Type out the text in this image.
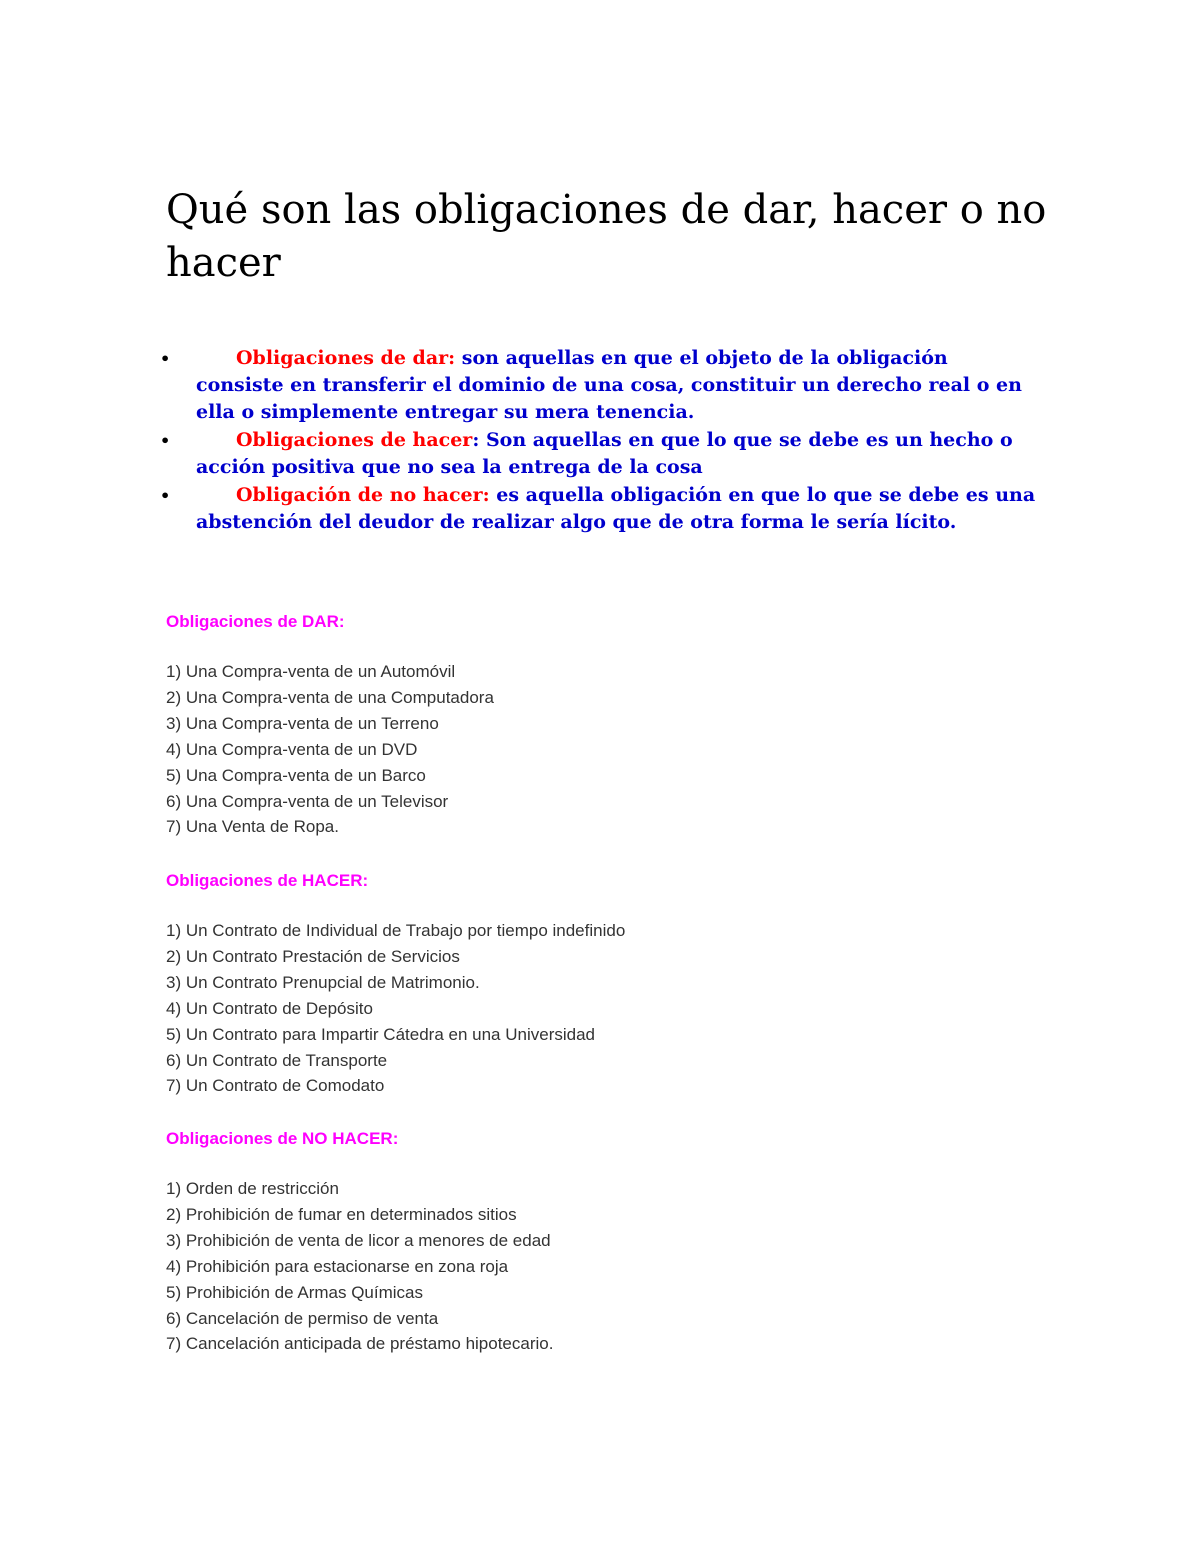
Qué son las obligaciones de dar, hacer o no hacer
•	Obligaciones de dar: son aquellas en que el objeto de la obligación consiste en transferir el dominio de una cosa, constituir un derecho real o en ella o simplemente entregar su mera tenencia.
•	Obligaciones de hacer: Son aquellas en que lo que se debe es un hecho o acción positiva que no sea la entrega de la cosa
•	Obligación de no hacer: es aquella obligación en que lo que se debe es una abstención del deudor de realizar algo que de otra forma le sería lícito.
Obligaciones de DAR:
1) Una Compra-venta de un Automóvil
2) Una Compra-venta de una Computadora
3) Una Compra-venta de un Terreno
4) Una Compra-venta de un DVD
5) Una Compra-venta de un Barco
6) Una Compra-venta de un Televisor
7) Una Venta de Ropa.
Obligaciones de HACER:
1) Un Contrato de Individual de Trabajo por tiempo indefinido
2) Un Contrato Prestación de Servicios
3) Un Contrato Prenupcial de Matrimonio.
4) Un Contrato de Depósito
5) Un Contrato para Impartir Cátedra en una Universidad
6) Un Contrato de Transporte
7) Un Contrato de Comodato
Obligaciones de NO HACER:
1) Orden de restricción
2) Prohibición de fumar en determinados sitios
3) Prohibición de venta de licor a menores de edad
4) Prohibición para estacionarse en zona roja
5) Prohibición de Armas Químicas
6) Cancelación de permiso de venta
7) Cancelación anticipada de préstamo hipotecario.
